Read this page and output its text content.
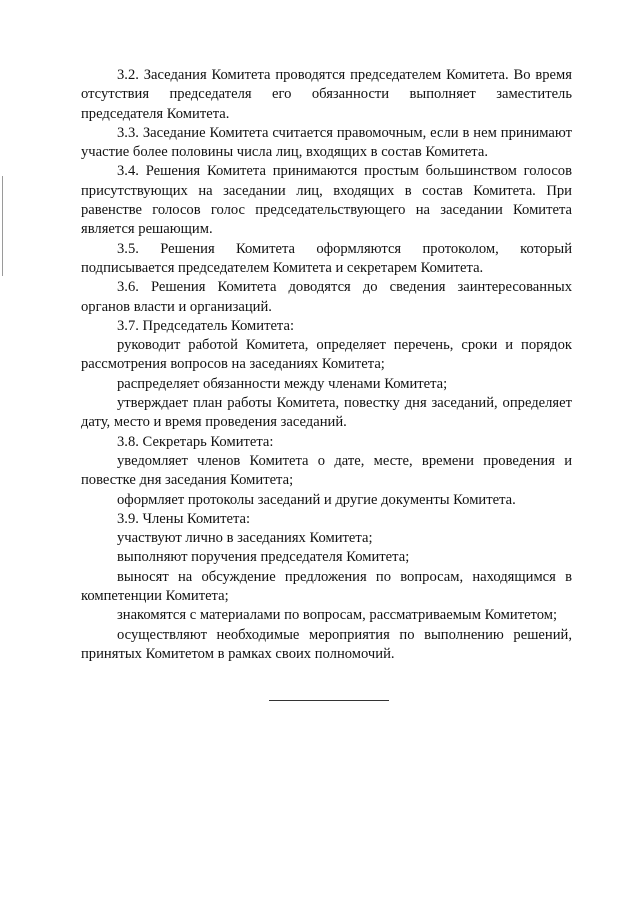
3.2. Заседания Комитета проводятся председателем Комитета. Во время отсутствия председателя его обязанности выполняет заместитель председателя Комитета.

3.3. Заседание Комитета считается правомочным, если в нем принимают участие более половины числа лиц, входящих в состав Комитета.

3.4. Решения Комитета принимаются простым большинством голосов присутствующих на заседании лиц, входящих в состав Комитета. При равенстве голосов голос председательствующего на заседании Комитета является решающим.

3.5. Решения Комитета оформляются протоколом, который подписывается председателем Комитета и секретарем Комитета.

3.6. Решения Комитета доводятся до сведения заинтересованных органов власти и организаций.

3.7. Председатель Комитета:

руководит работой Комитета, определяет перечень, сроки и порядок рассмотрения вопросов на заседаниях Комитета;

распределяет обязанности между членами Комитета;

утверждает план работы Комитета, повестку дня заседаний, определяет дату, место и время проведения заседаний.

3.8. Секретарь Комитета:

уведомляет членов Комитета о дате, месте, времени проведения и повестке дня заседания Комитета;

оформляет протоколы заседаний и другие документы Комитета.

3.9. Члены Комитета:

участвуют лично в заседаниях Комитета;

выполняют поручения председателя Комитета;

выносят на обсуждение предложения по вопросам, находящимся в компетенции Комитета;

знакомятся с материалами по вопросам, рассматриваемым Комитетом;

осуществляют необходимые мероприятия по выполнению решений, принятых Комитетом в рамках своих полномочий.
